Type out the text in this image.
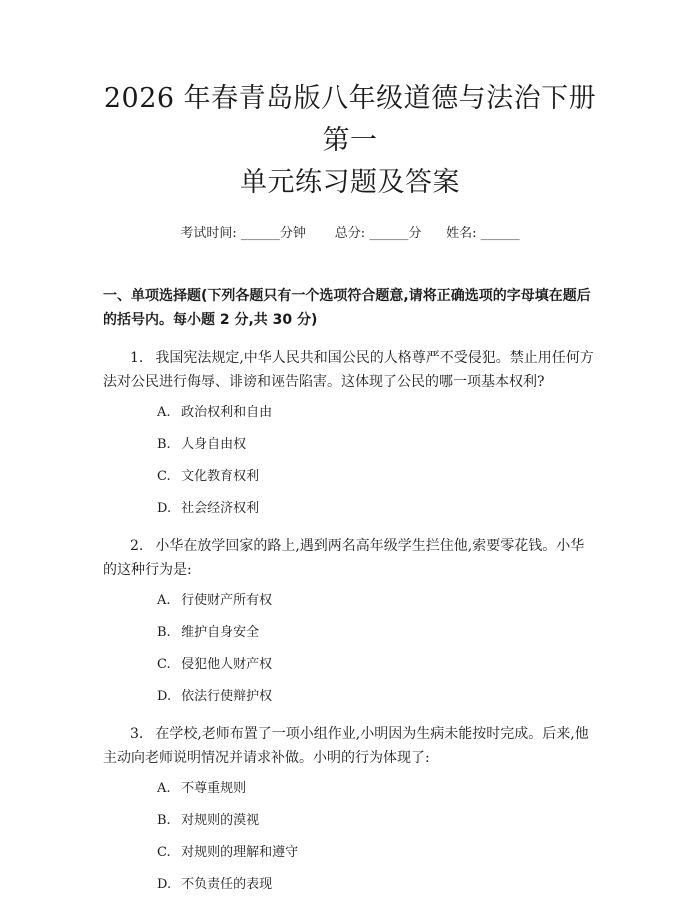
2026 年春青岛版八年级道德与法治下册第一
单元练习题及答案
考试时间: ______分钟 总分: ______分 姓名: ______
一、单项选择题(下列各题只有一个选项符合题意,请将正确选项的字母填在题后的括号内。每小题 2 分,共 30 分)
1. 我国宪法规定,中华人民共和国公民的人格尊严不受侵犯。禁止用任何方法对公民进行侮辱、诽谤和诬告陷害。这体现了公民的哪一项基本权利?
A. 政治权利和自由
B. 人身自由权
C. 文化教育权利
D. 社会经济权利
2. 小华在放学回家的路上,遇到两名高年级学生拦住他,索要零花钱。小华的这种行为是:
A. 行使财产所有权
B. 维护自身安全
C. 侵犯他人财产权
D. 依法行使辩护权
3. 在学校,老师布置了一项小组作业,小明因为生病未能按时完成。后来,他主动向老师说明情况并请求补做。小明的行为体现了:
A. 不尊重规则
B. 对规则的漠视
C. 对规则的理解和遵守
D. 不负责任的表现
